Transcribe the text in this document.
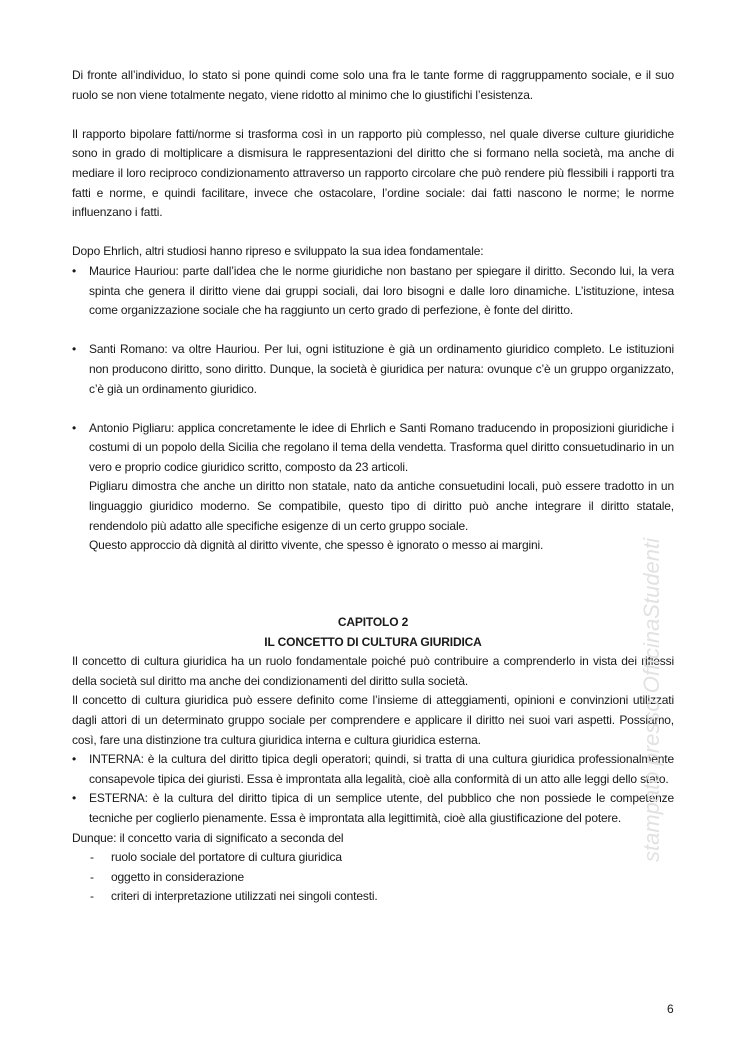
Di fronte all’individuo, lo stato si pone quindi come solo una fra le tante forme di raggruppamento sociale, e il suo ruolo se non viene totalmente negato, viene ridotto al minimo che lo giustifichi l’esistenza.

Il rapporto bipolare fatti/norme si trasforma così in un rapporto più complesso, nel quale diverse culture giuridiche sono in grado di moltiplicare a dismisura le rappresentazioni del diritto che si formano nella società, ma anche di mediare il loro reciproco condizionamento attraverso un rapporto circolare che può rendere più flessibili i rapporti tra fatti e norme, e quindi facilitare, invece che ostacolare, l’ordine sociale: dai fatti nascono le norme; le norme influenzano i fatti.

Dopo Ehrlich, altri studiosi hanno ripreso e sviluppato la sua idea fondamentale:

• Maurice Hauriou: parte dall’idea che le norme giuridiche non bastano per spiegare il diritto. Secondo lui, la vera spinta che genera il diritto viene dai gruppi sociali, dai loro bisogni e dalle loro dinamiche. L’istituzione, intesa come organizzazione sociale che ha raggiunto un certo grado di perfezione, è fonte del diritto.
• Santi Romano: va oltre Hauriou. Per lui, ogni istituzione è già un ordinamento giuridico completo. Le istituzioni non producono diritto, sono diritto. Dunque, la società è giuridica per natura: ovunque c’è un gruppo organizzato, c’è già un ordinamento giuridico.
• Antonio Pigliaru: applica concretamente le idee di Ehrlich e Santi Romano traducendo in proposizioni giuridiche i costumi di un popolo della Sicilia che regolano il tema della vendetta. Trasforma quel diritto consuetudinario in un vero e proprio codice giuridico scritto, composto da 23 articoli.

Pigliaru dimostra che anche un diritto non statale, nato da antiche consuetudini locali, può essere tradotto in un linguaggio giuridico moderno. Se compatibile, questo tipo di diritto può anche integrare il diritto statale, rendendolo più adatto alle specifiche esigenze di un certo gruppo sociale.

Questo approccio dà dignità al diritto vivente, che spesso è ignorato o messo ai margini.

CAPITOLO 2
IL CONCETTO DI CULTURA GIURIDICA

Il concetto di cultura giuridica ha un ruolo fondamentale poiché può contribuire a comprenderlo in vista dei riflessi della società sul diritto ma anche dei condizionamenti del diritto sulla società.

Il concetto di cultura giuridica può essere definito come l’insieme di atteggiamenti, opinioni e convinzioni utilizzati dagli attori di un determinato gruppo sociale per comprendere e applicare il diritto nei suoi vari aspetti. Possiamo, così, fare una distinzione tra cultura giuridica interna e cultura giuridica esterna.

• INTERNA: è la cultura del diritto tipica degli operatori; quindi, si tratta di una cultura giuridica professionalmente consapevole tipica dei giuristi. Essa è improntata alla legalità, cioè alla conformità di un atto alle leggi dello stato.
• ESTERNA: è la cultura del diritto tipica di un semplice utente, del pubblico che non possiede le competenze tecniche per coglierlo pienamente. Essa è improntata alla legittimità, cioè alla giustificazione del potere.

Dunque: il concetto varia di significato a seconda del

- ruolo sociale del portatore di cultura giuridica
- oggetto in considerazione
- criteri di interpretazione utilizzati nei singoli contesti.
stampato presso OfficinaStudenti
6
